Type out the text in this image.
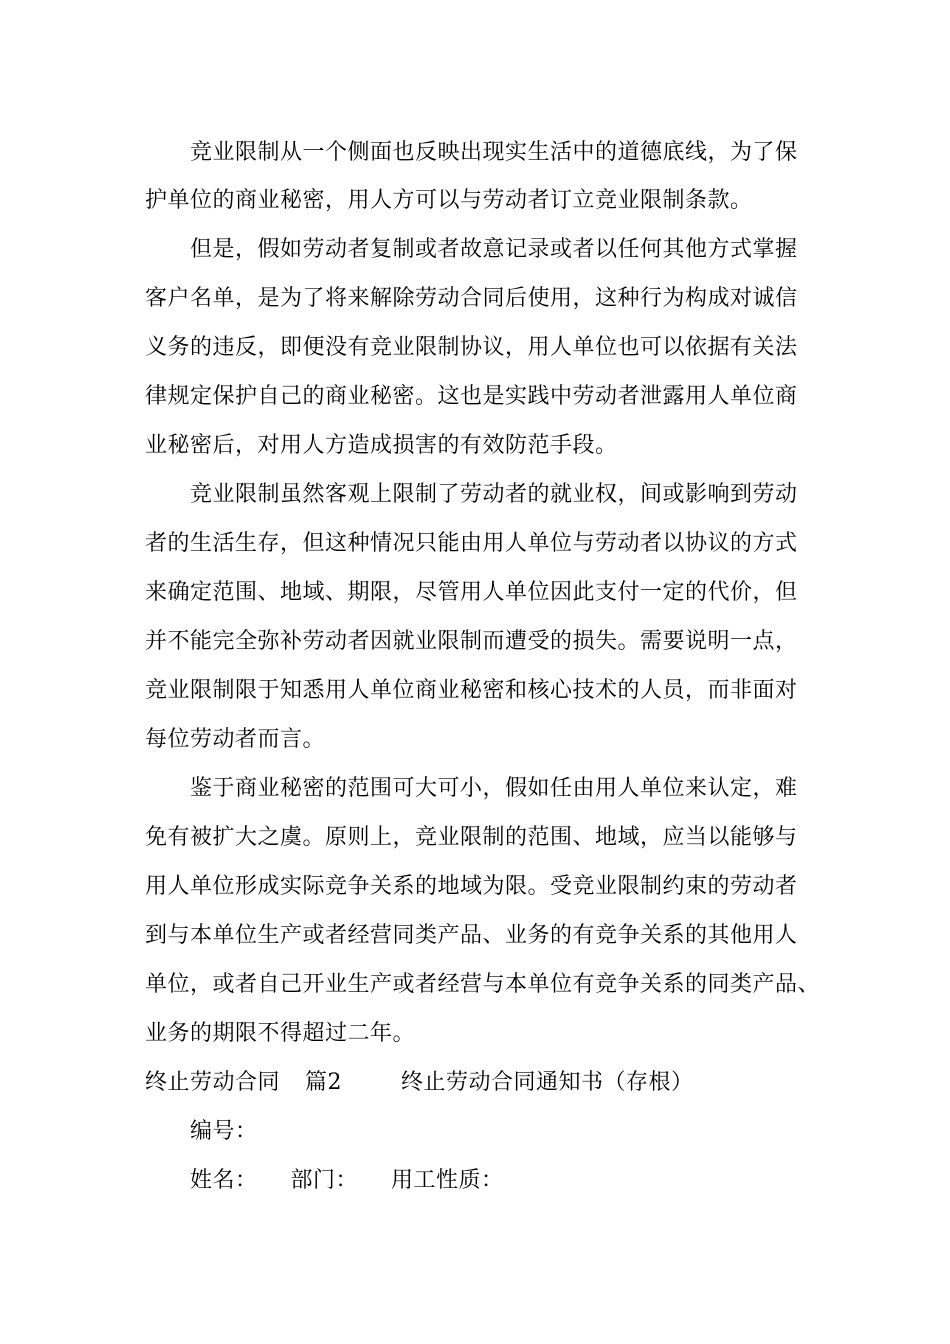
竞业限制从一个侧面也反映出现实生活中的道德底线，为了保
护单位的商业秘密，用人方可以与劳动者订立竞业限制条款。
但是，假如劳动者复制或者故意记录或者以任何其他方式掌握
客户名单，是为了将来解除劳动合同后使用，这种行为构成对诚信
义务的违反，即便没有竞业限制协议，用人单位也可以依据有关法
律规定保护自己的商业秘密。这也是实践中劳动者泄露用人单位商
业秘密后，对用人方造成损害的有效防范手段。
竞业限制虽然客观上限制了劳动者的就业权，间或影响到劳动
者的生活生存，但这种情况只能由用人单位与劳动者以协议的方式
来确定范围、地域、期限，尽管用人单位因此支付一定的代价，但
并不能完全弥补劳动者因就业限制而遭受的损失。需要说明一点，
竞业限制限于知悉用人单位商业秘密和核心技术的人员，而非面对
每位劳动者而言。
鉴于商业秘密的范围可大可小，假如任由用人单位来认定，难
免有被扩大之虞。原则上，竞业限制的范围、地域，应当以能够与
用人单位形成实际竞争关系的地域为限。受竞业限制约束的劳动者
到与本单位生产或者经营同类产品、业务的有竞争关系的其他用人
单位，或者自己开业生产或者经营与本单位有竞争关系的同类产品、
业务的期限不得超过二年。
终止劳动合同 篇2	终止劳动合同通知书（存根）
编号：
姓名： 部门： 用工性质：
